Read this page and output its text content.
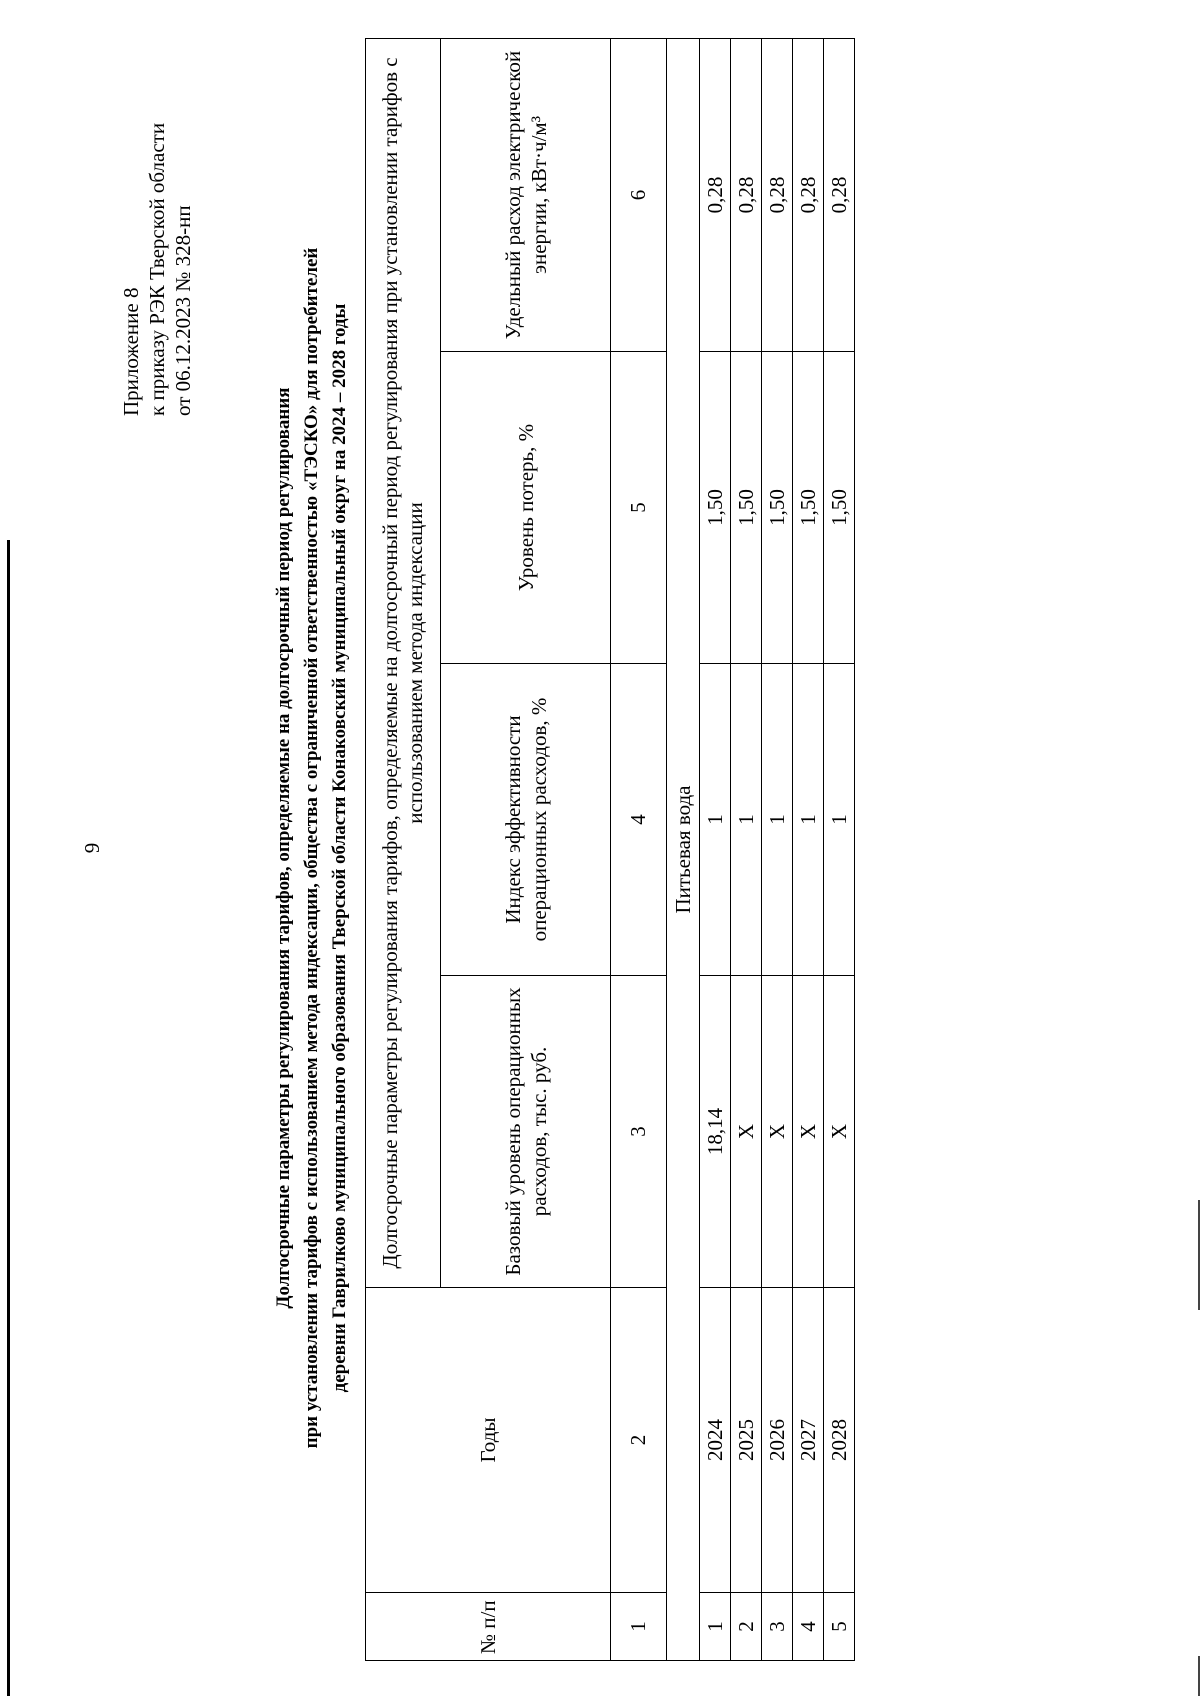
9
Приложение 8 к приказу РЭК Тверской области от 06.12.2023 № 328-нп
Долгосрочные параметры регулирования тарифов, определяемые на долгосрочный период регулирования при установлении тарифов с использованием метода индексации, общества с ограниченной ответственностью «ТЭСКО» для потребителей деревни Гаврилково муниципального образования Тверской области Конаковский муниципальный округ на 2024 – 2028 годы
№ п/п	Годы	Долгосрочные параметры регулирования тарифов, определяемые на долгосрочный период регулирования при установлении тарифов с использованием метода индексации			
		Базовый уровень операционных расходов, тыс. руб.	Индекс эффективности операционных расходов, %	Уровень потерь, %	Удельный расход электрической энергии, кВт·ч/м³
1	2	3	4	5	6
Питьевая вода					
1	2024	18,14	1	1,50	0,28
2	2025	Х	1	1,50	0,28
3	2026	Х	1	1,50	0,28
4	2027	Х	1	1,50	0,28
5	2028	Х	1	1,50	0,28
